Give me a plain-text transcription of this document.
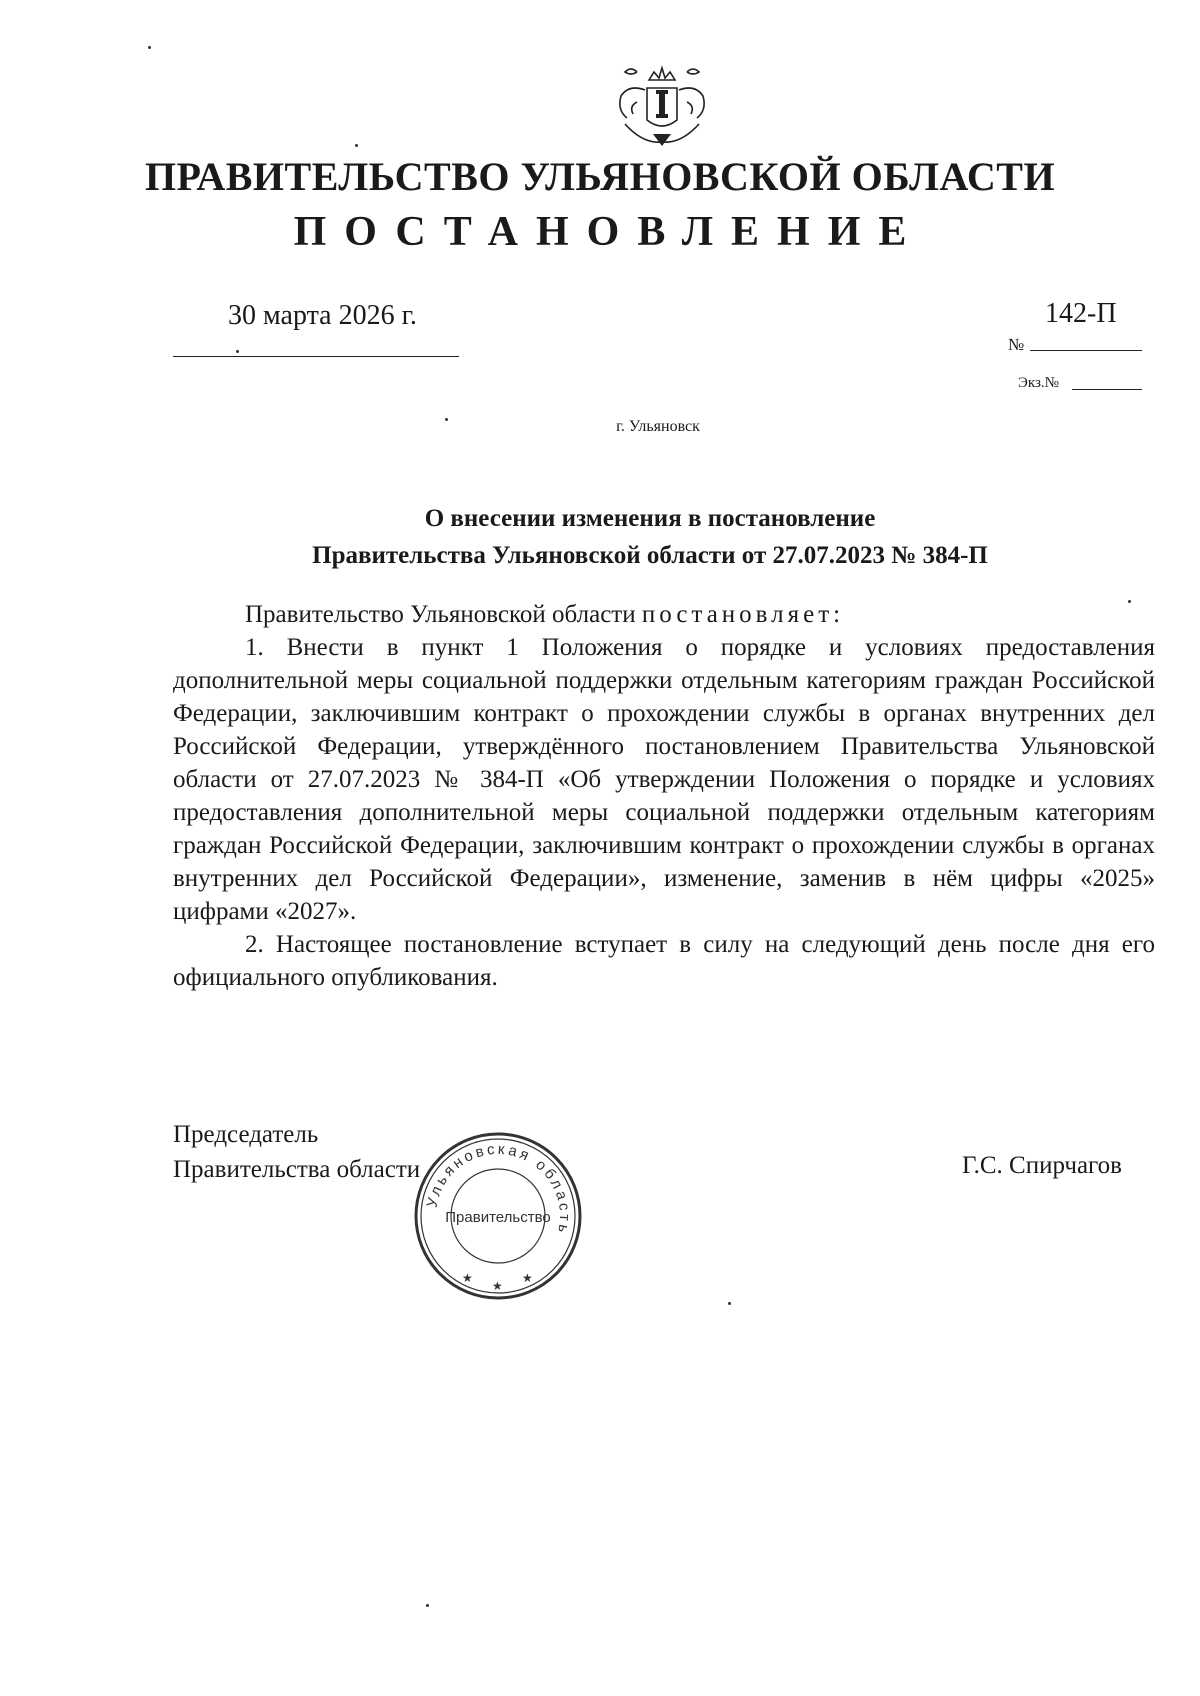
ПРАВИТЕЛЬСТВО УЛЬЯНОВСКОЙ ОБЛАСТИ
ПОСТАНОВЛЕНИЕ
30 марта 2026 г.	142-П
№
Экз.№
г. Ульяновск
О внесении изменения в постановление
Правительства Ульяновской области от 27.07.2023 № 384-П

Правительство Ульяновской области постановляет:

1. Внести в пункт 1 Положения о порядке и условиях предоставления дополнительной меры социальной поддержки отдельным категориям граждан Российской Федерации, заключившим контракт о прохождении службы в органах внутренних дел Российской Федерации, утверждённого постановлением Правительства Ульяновской области от 27.07.2023 № 384-П «Об утверждении Положения о порядке и условиях предоставления дополнительной меры социальной поддержки отдельным категориям граждан Российской Федерации, заключившим контракт о прохождении службы в органах внутренних дел Российской Федерации», изменение, заменив в нём цифры «2025» цифрами «2027».

2. Настоящее постановление вступает в силу на следующий день после дня его официального опубликования.

Председатель
Правительства области	Г.С. Спирчагов
Ульяновская область
Правительство
★
★
★
